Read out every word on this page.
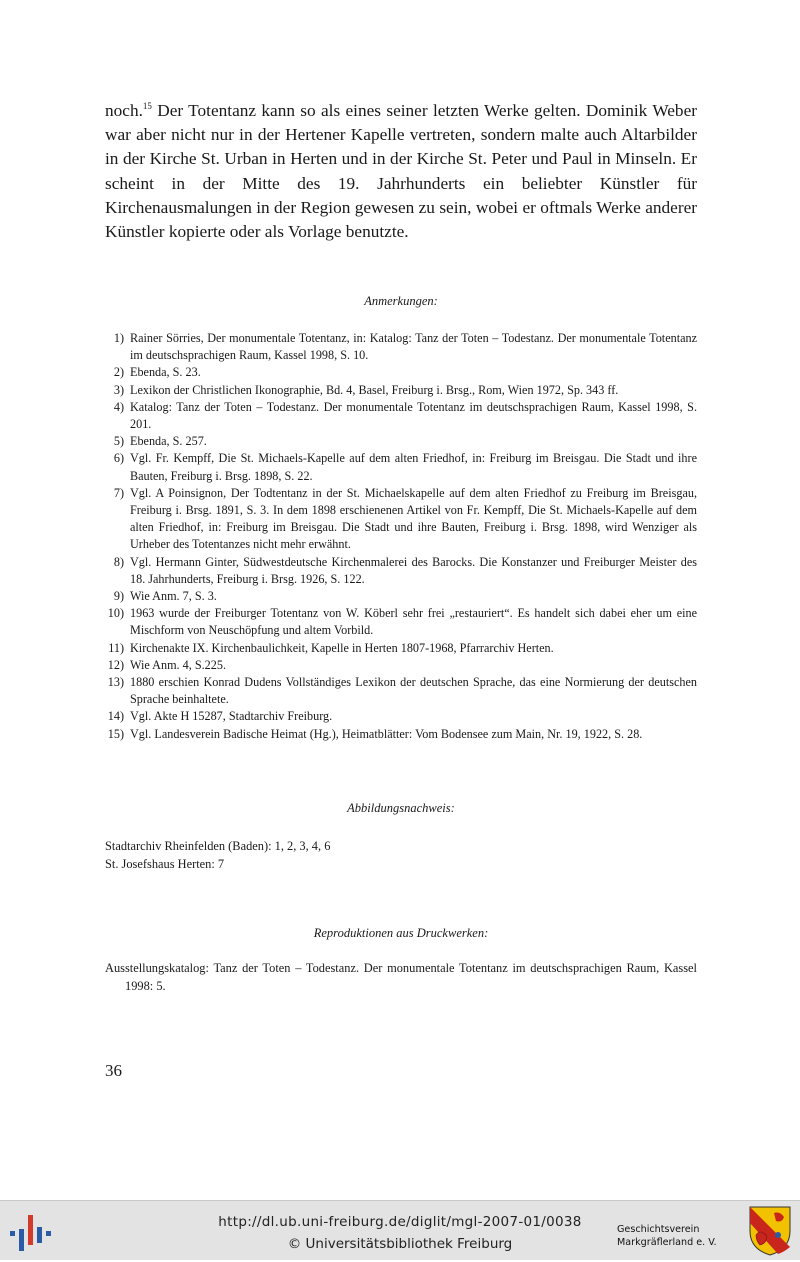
noch.$^{15}$ Der Totentanz kann so als eines seiner letzten Werke gelten. Dominik Weber war aber nicht nur in der Hertener Kapelle vertreten, sondern malte auch Altarbilder in der Kirche St. Urban in Herten und in der Kirche St. Peter und Paul in Minseln. Er scheint in der Mitte des 19. Jahrhunderts ein beliebter Künstler für Kirchenausmalungen in der Region gewesen zu sein, wobei er oftmals Werke anderer Künstler kopierte oder als Vorlage benutzte.

Anmerkungen:

1) Rainer Sörries, Der monumentale Totentanz, in: Katalog: Tanz der Toten – Todestanz. Der monumentale Totentanz im deutschsprachigen Raum, Kassel 1998, S. 10.
2) Ebenda, S. 23.
3) Lexikon der Christlichen Ikonographie, Bd. 4, Basel, Freiburg i. Brsg., Rom, Wien 1972, Sp. 343 ff.
4) Katalog: Tanz der Toten – Todestanz. Der monumentale Totentanz im deutschsprachigen Raum, Kassel 1998, S. 201.
5) Ebenda, S. 257.
6) Vgl. Fr. Kempff, Die St. Michaels-Kapelle auf dem alten Friedhof, in: Freiburg im Breisgau. Die Stadt und ihre Bauten, Freiburg i. Brsg. 1898, S. 22.
7) Vgl. A Poinsignon, Der Todtentanz in der St. Michaelskapelle auf dem alten Friedhof zu Freiburg im Breisgau, Freiburg i. Brsg. 1891, S. 3. In dem 1898 erschienenen Artikel von Fr. Kempff, Die St. Michaels-Kapelle auf dem alten Friedhof, in: Freiburg im Breisgau. Die Stadt und ihre Bauten, Freiburg i. Brsg. 1898, wird Wenziger als Urheber des Totentanzes nicht mehr erwähnt.
8) Vgl. Hermann Ginter, Südwestdeutsche Kirchenmalerei des Barocks. Die Konstanzer und Freiburger Meister des 18. Jahrhunderts, Freiburg i. Brsg. 1926, S. 122.
9) Wie Anm. 7, S. 3.
10) 1963 wurde der Freiburger Totentanz von W. Köberl sehr frei „restauriert“. Es handelt sich dabei eher um eine Mischform von Neuschöpfung und altem Vorbild.
11) Kirchenakte IX. Kirchenbaulichkeit, Kapelle in Herten 1807-1968, Pfarrarchiv Herten.
12) Wie Anm. 4, S.225.
13) 1880 erschien Konrad Dudens Vollständiges Lexikon der deutschen Sprache, das eine Normierung der deutschen Sprache beinhaltete.
14) Vgl. Akte H 15287, Stadtarchiv Freiburg.
15) Vgl. Landesverein Badische Heimat (Hg.), Heimatblätter: Vom Bodensee zum Main, Nr. 19, 1922, S. 28.

Abbildungsnachweis:

Stadtarchiv Rheinfelden (Baden): 1, 2, 3, 4, 6
St. Josefshaus Herten: 7

Reproduktionen aus Druckwerken:

Ausstellungskatalog: Tanz der Toten – Todestanz. Der monumentale Totentanz im deutschsprachigen Raum, Kassel 1998: 5.
36
http://dl.ub.uni-freiburg.de/diglit/mgl-2007-01/0038
© Universitätsbibliothek Freiburg
Geschichtsverein
Markgräflerland e. V.
